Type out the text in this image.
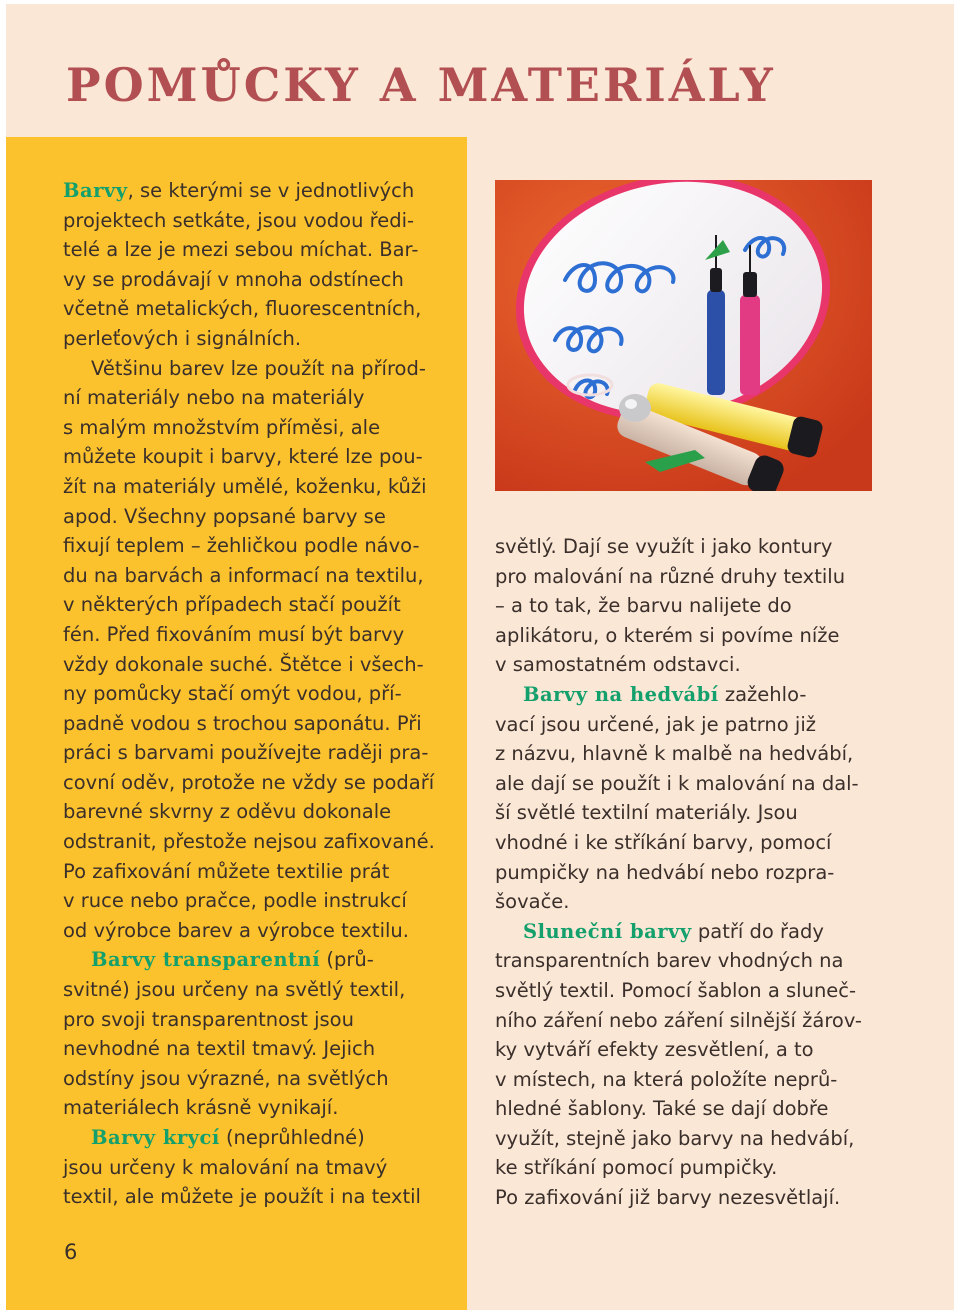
POMŮCKY A MATERIÁLY

Barvy, se kterými se v jednotlivých
projektech setkáte, jsou vodou ředi-
telé a lze je mezi sebou míchat. Bar-
vy se prodávají v mnoha odstínech
včetně metalických, fluorescentních,
perleťových i signálních.

Většinu barev lze použít na přírod-
ní materiály nebo na materiály
s malým množstvím příměsi, ale
můžete koupit i barvy, které lze pou-
žít na materiály umělé, koženku, kůži
apod. Všechny popsané barvy se
fixují teplem – žehličkou podle návo-
du na barvách a informací na textilu,
v některých případech stačí použít
fén. Před fixováním musí být barvy
vždy dokonale suché. Štětce i všech-
ny pomůcky stačí omýt vodou, pří-
padně vodou s trochou saponátu. Při
práci s barvami používejte raději pra-
covní oděv, protože ne vždy se podaří
barevné skvrny z oděvu dokonale
odstranit, přestože nejsou zafixované.
Po zafixování můžete textilie prát
v ruce nebo pračce, podle instrukcí
od výrobce barev a výrobce textilu.

Barvy transparentní (prů-
svitné) jsou určeny na světlý textil,
pro svoji transparentnost jsou
nevhodné na textil tmavý. Jejich
odstíny jsou výrazné, na světlých
materiálech krásně vynikají.

Barvy krycí (neprůhledné)
jsou určeny k malování na tmavý
textil, ale můžete je použít i na textil

světlý. Dají se využít i jako kontury
pro malování na různé druhy textilu
– a to tak, že barvu nalijete do
aplikátoru, o kterém si povíme níže
v samostatném odstavci.

Barvy na hedvábí zažehlo-
vací jsou určené, jak je patrno již
z názvu, hlavně k malbě na hedvábí,
ale dají se použít i k malování na dal-
ší světlé textilní materiály. Jsou
vhodné i ke stříkání barvy, pomocí
pumpičky na hedvábí nebo rozpra-
šovače.

Sluneční barvy patří do řady
transparentních barev vhodných na
světlý textil. Pomocí šablon a sluneč-
ního záření nebo záření silnější žárov-
ky vytváří efekty zesvětlení, a to
v místech, na která položíte neprů-
hledné šablony. Také se dají dobře
využít, stejně jako barvy na hedvábí,
ke stříkání pomocí pumpičky.

Po zafixování již barvy nezesvětlají.

6
